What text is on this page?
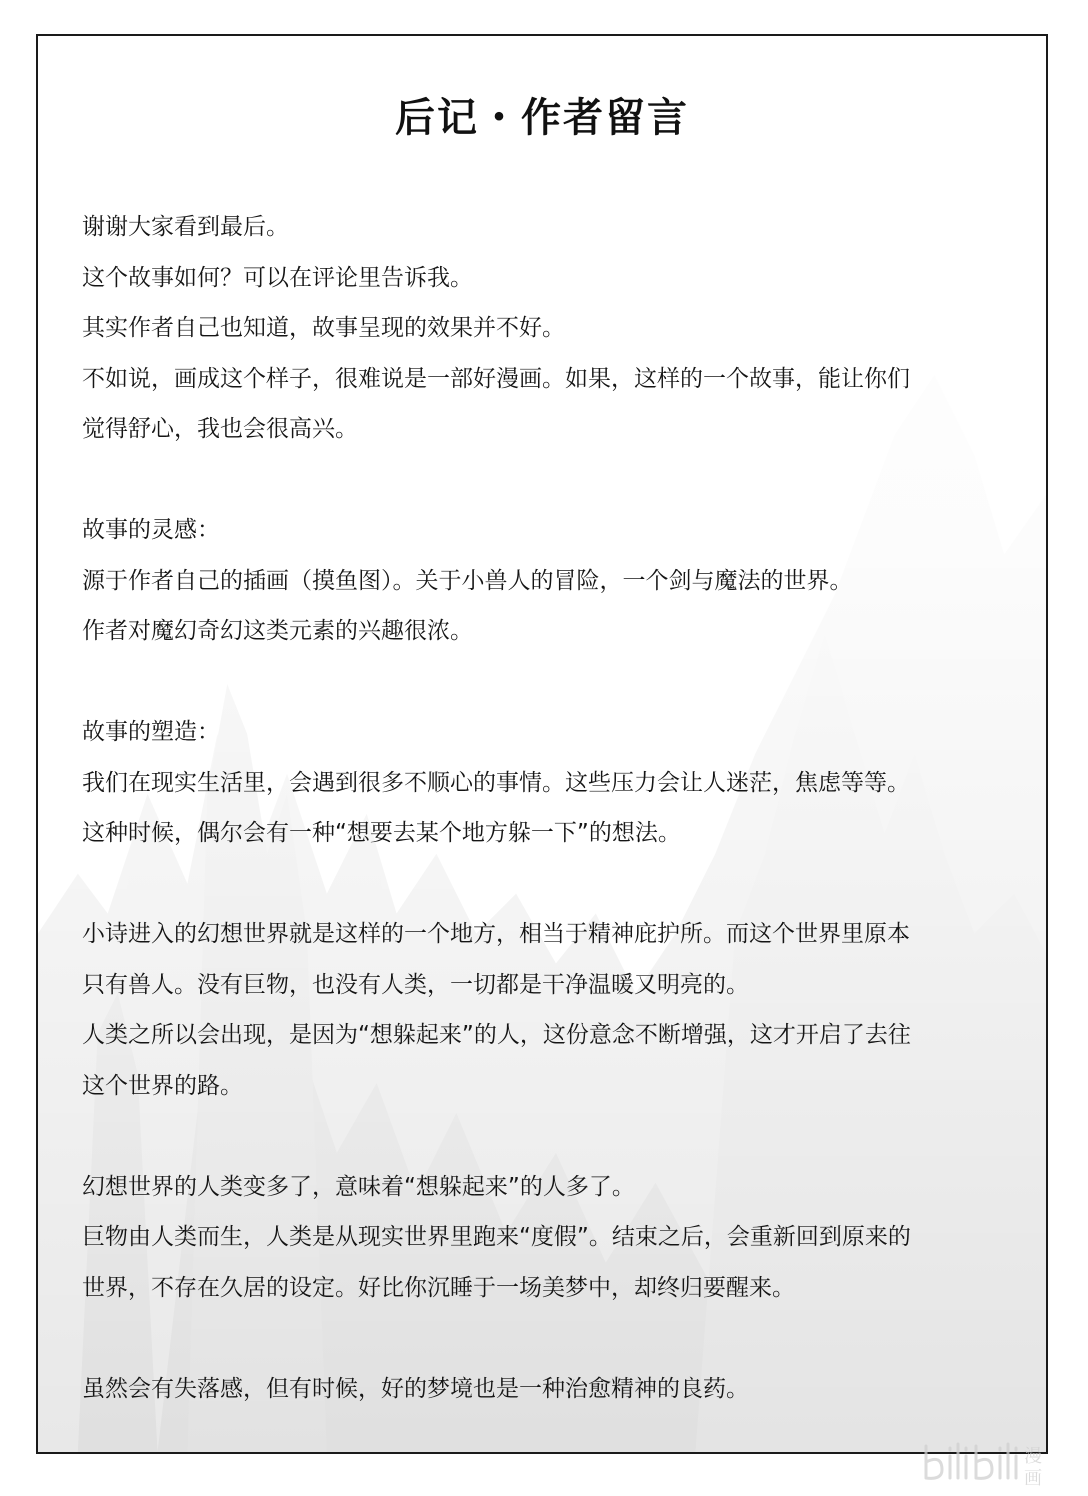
后记・作者留言
谢谢大家看到最后。
这个故事如何？可以在评论里告诉我。
其实作者自己也知道，故事呈现的效果并不好。
不如说，画成这个样子，很难说是一部好漫画。如果，这样的一个故事，能让你们
觉得舒心，我也会很高兴。
故事的灵感：
源于作者自己的插画（摸鱼图）。关于小兽人的冒险，一个剑与魔法的世界。
作者对魔幻奇幻这类元素的兴趣很浓。
故事的塑造：
我们在现实生活里，会遇到很多不顺心的事情。这些压力会让人迷茫，焦虑等等。
这种时候，偶尔会有一种“想要去某个地方躲一下”的想法。
小诗进入的幻想世界就是这样的一个地方，相当于精神庇护所。而这个世界里原本
只有兽人。没有巨物，也没有人类，一切都是干净温暖又明亮的。
人类之所以会出现，是因为“想躲起来”的人，这份意念不断增强，这才开启了去往
这个世界的路。
幻想世界的人类变多了，意味着“想躲起来”的人多了。
巨物由人类而生，人类是从现实世界里跑来“度假”。结束之后，会重新回到原来的
世界，不存在久居的设定。好比你沉睡于一场美梦中，却终归要醒来。
虽然会有失落感，但有时候，好的梦境也是一种治愈精神的良药。
漫
画
